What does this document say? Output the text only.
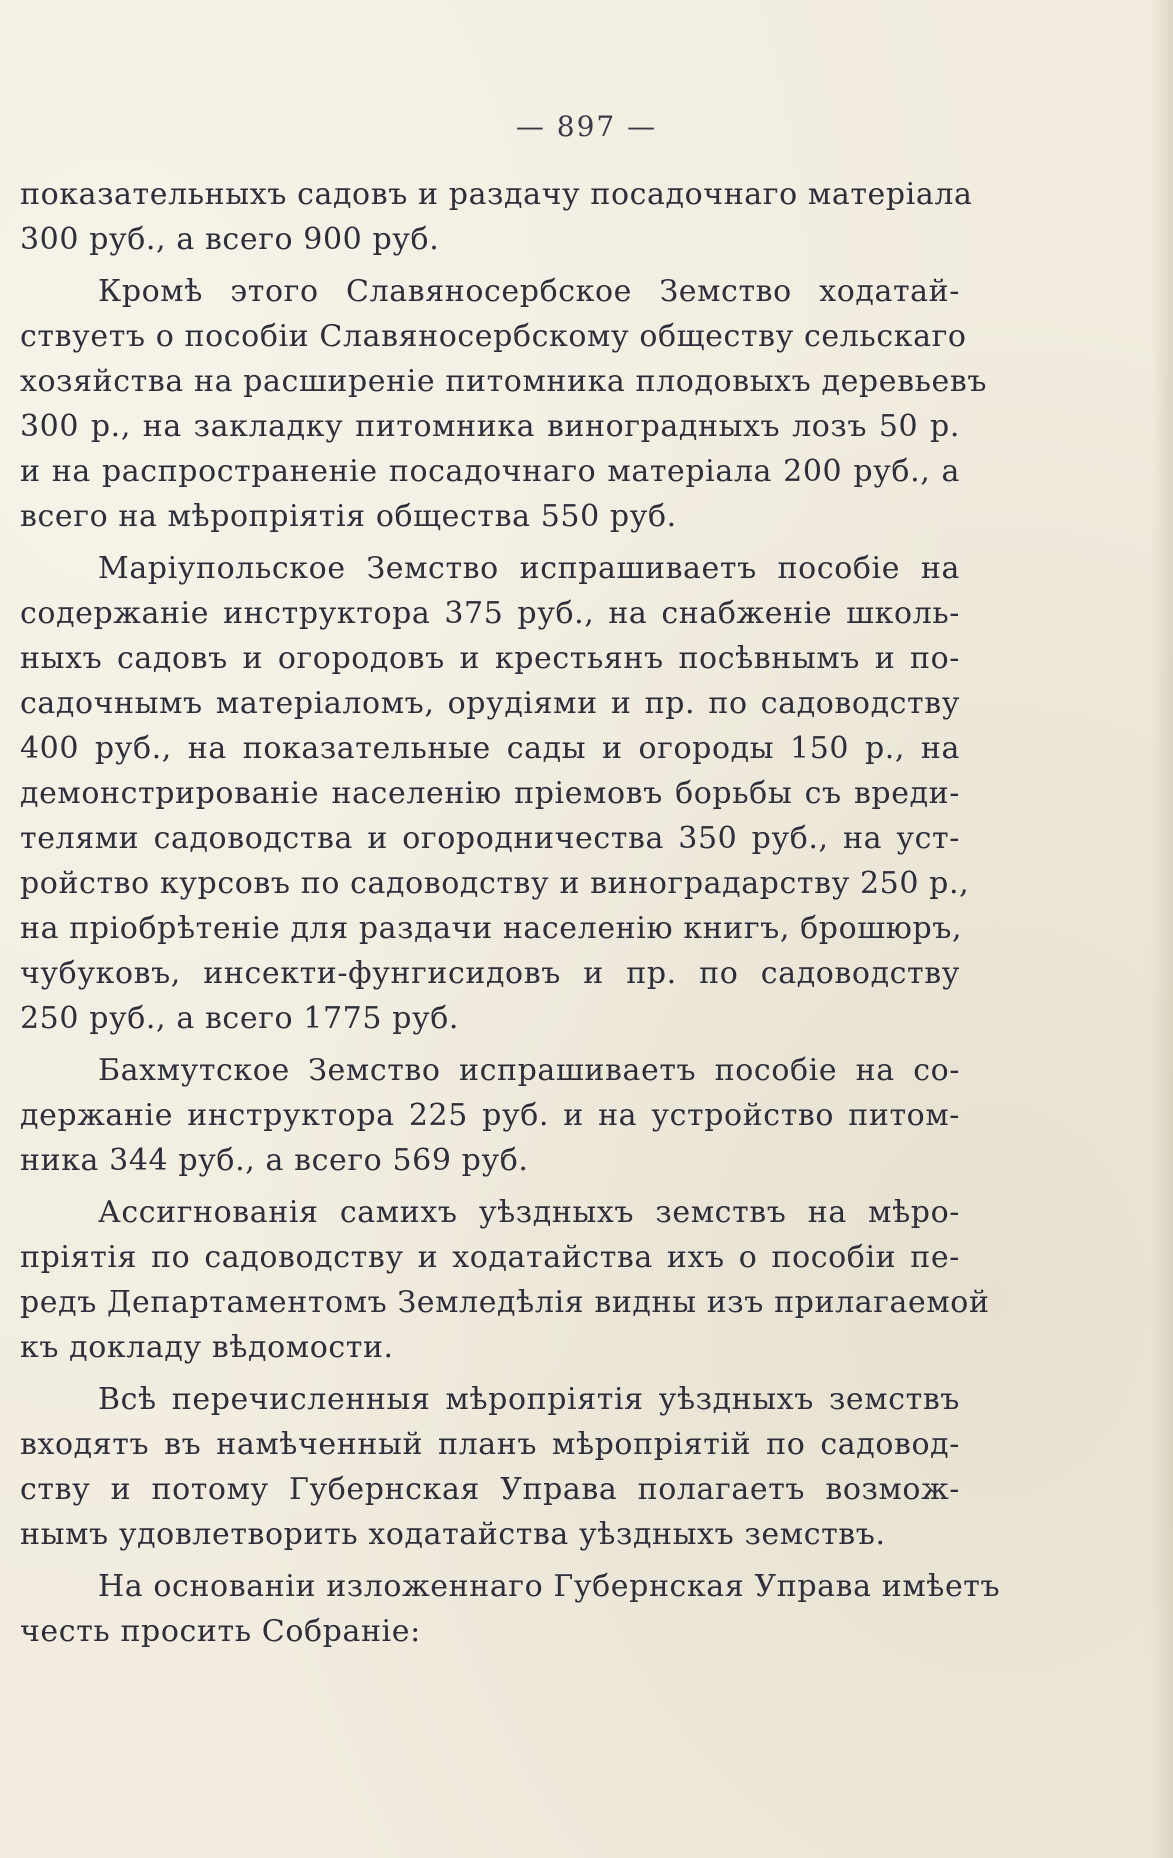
— 897 —
показательныхъ садовъ и раздачу посадочнаго матеріала
300 руб., а всего 900 руб.
Кромѣ этого Славяносербское Земство ходатай-
ствуетъ о пособіи Славяносербскому обществу сельскаго
хозяйства на расширеніе питомника плодовыхъ деревьевъ
300 р., на закладку питомника виноградныхъ лозъ 50 р.
и на распространеніе посадочнаго матеріала 200 руб., а
всего на мѣропріятія общества 550 руб.
Маріупольское Земство испрашиваетъ пособіе на
содержаніе инструктора 375 руб., на снабженіе школь-
ныхъ садовъ и огородовъ и крестьянъ посѣвнымъ и по-
садочнымъ матеріаломъ, орудіями и пр. по садоводству
400 руб., на показательные сады и огороды 150 р., на
демонстрированіе населенію пріемовъ борьбы съ вреди-
телями садоводства и огородничества 350 руб., на уст-
ройство курсовъ по садоводству и виноградарству 250 р.,
на пріобрѣтеніе для раздачи населенію книгъ, брошюръ,
чубуковъ, инсекти-фунгисидовъ и пр. по садоводству
250 руб., а всего 1775 руб.
Бахмутское Земство испрашиваетъ пособіе на со-
держаніе инструктора 225 руб. и на устройство питом-
ника 344 руб., а всего 569 руб.
Ассигнованія самихъ уѣздныхъ земствъ на мѣро-
пріятія по садоводству и ходатайства ихъ о пособіи пе-
редъ Департаментомъ Земледѣлія видны изъ прилагаемой
къ докладу вѣдомости.
Всѣ перечисленныя мѣропріятія уѣздныхъ земствъ
входятъ въ намѣченный планъ мѣропріятій по садовод-
ству и потому Губернская Управа полагаетъ возмож-
нымъ удовлетворить ходатайства уѣздныхъ земствъ.
На основаніи изложеннаго Губернская Управа имѣетъ
честь просить Собраніе:
